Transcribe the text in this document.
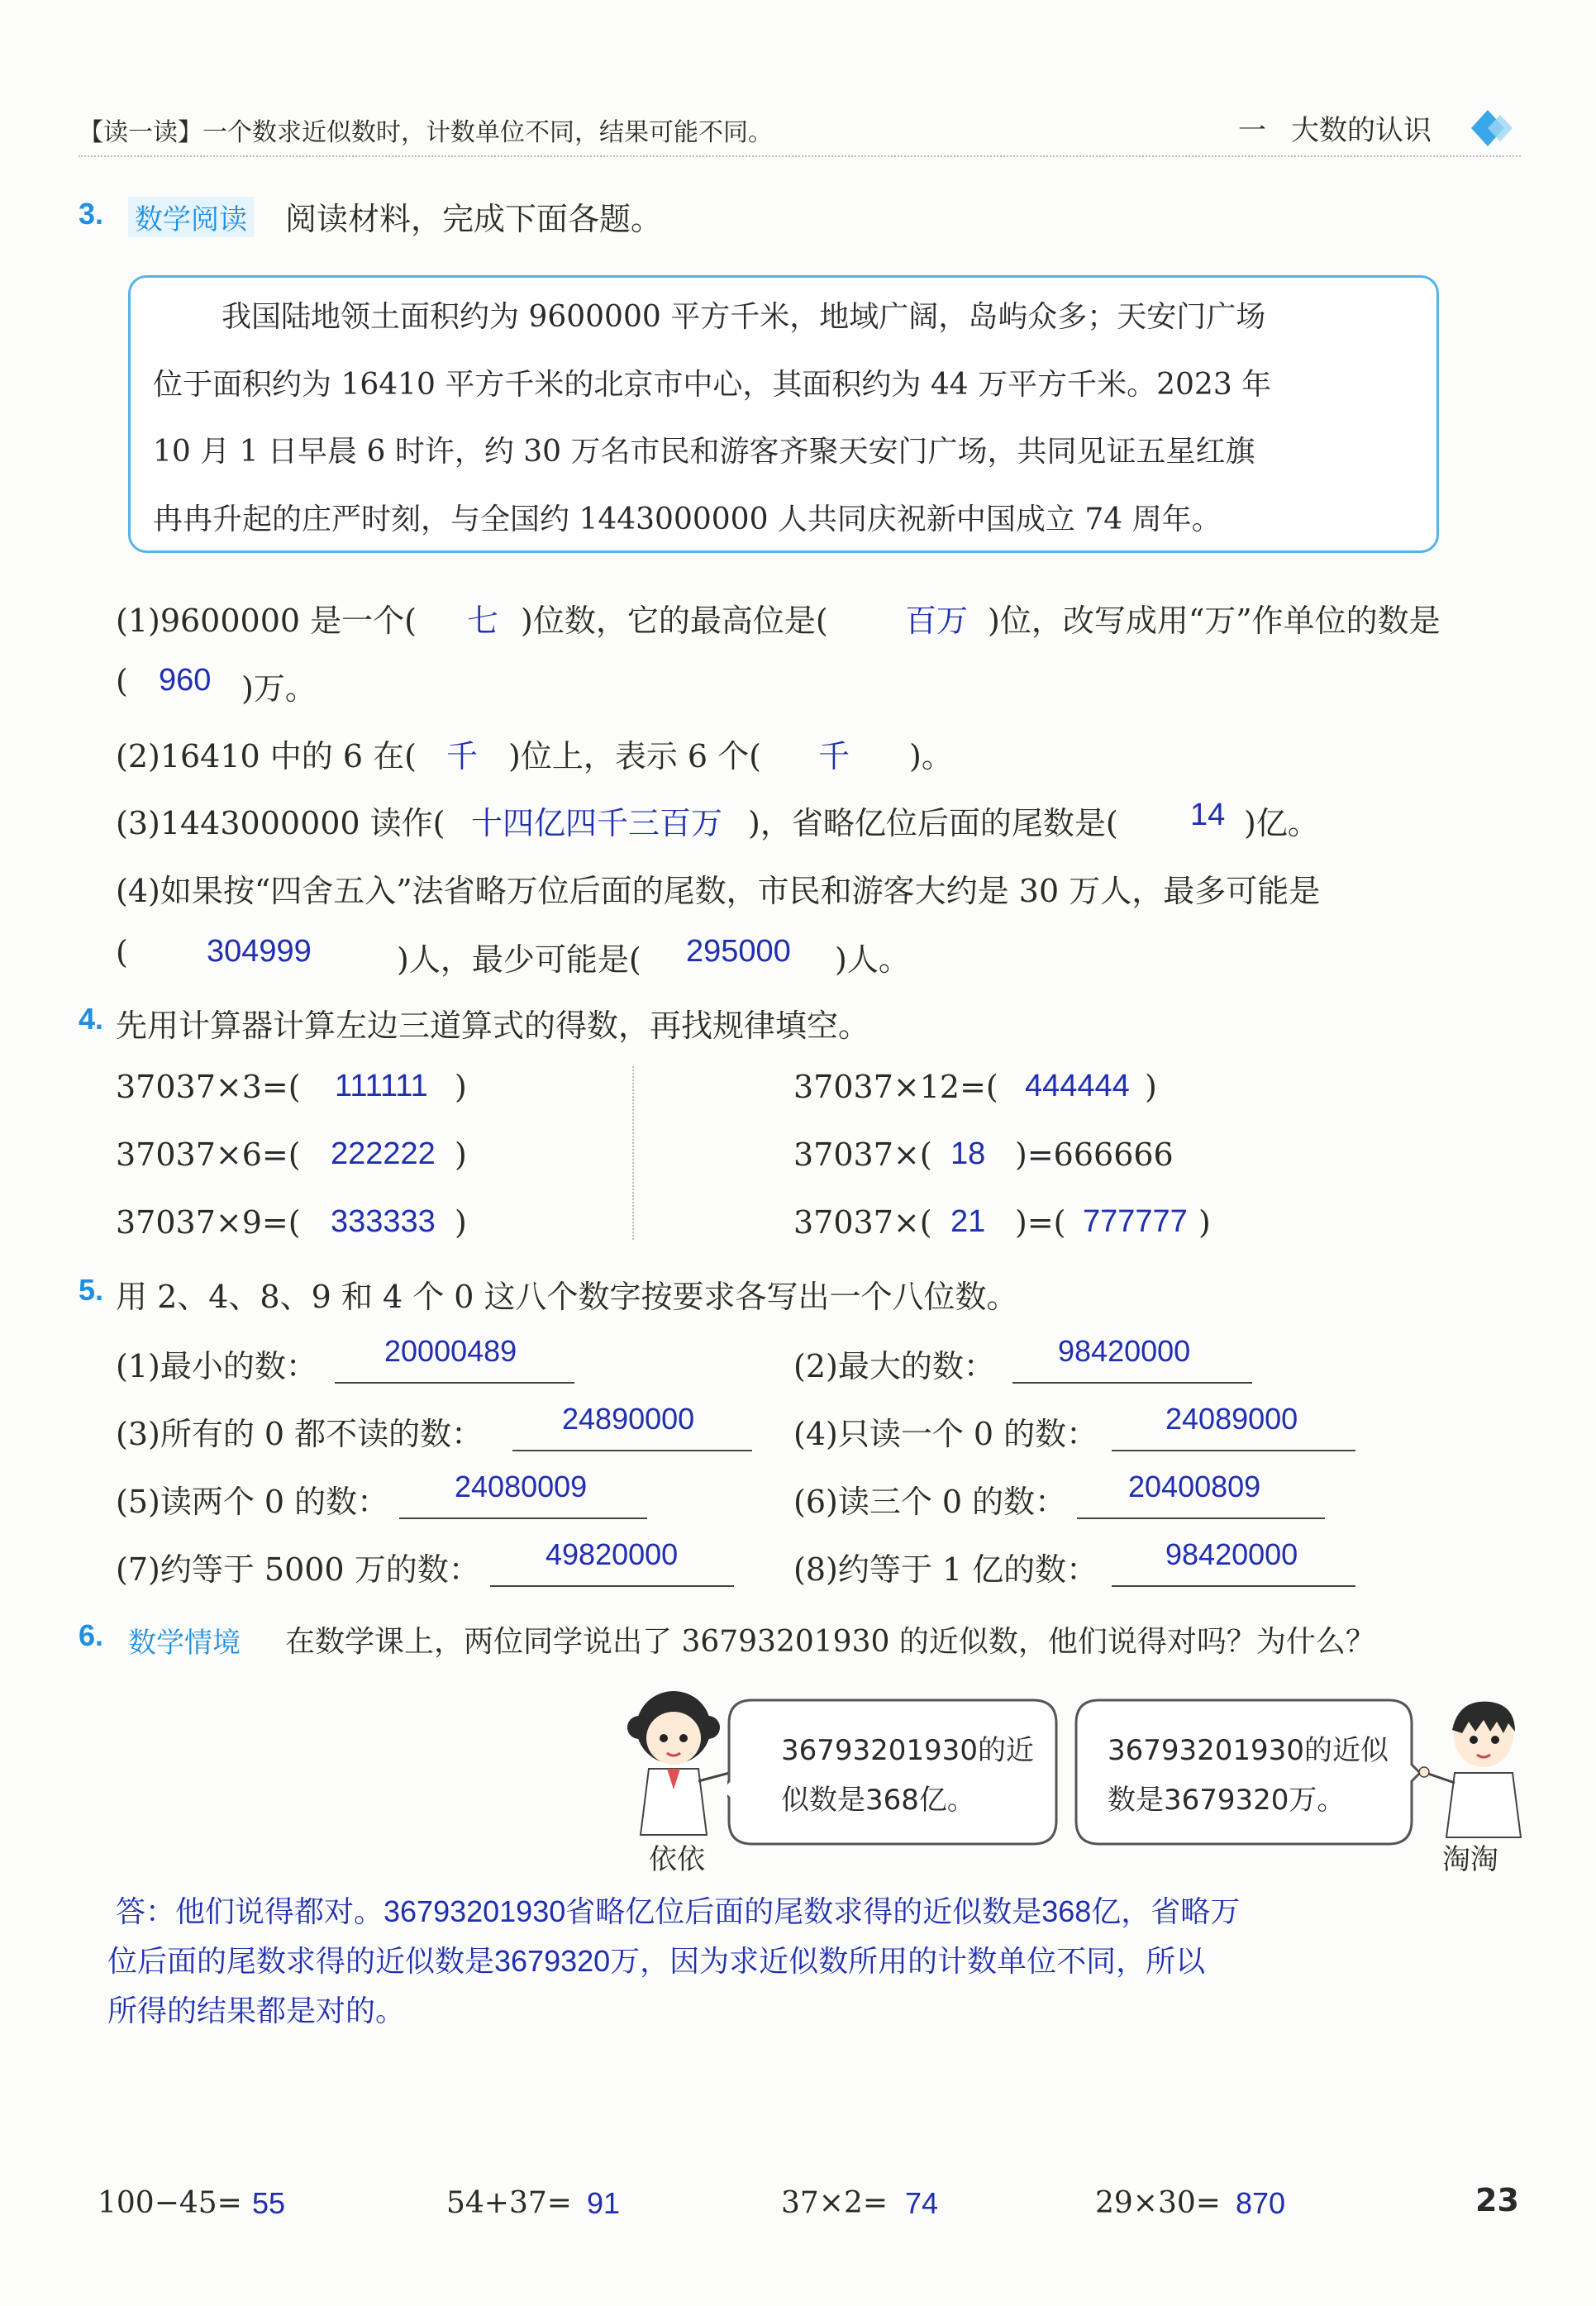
【读一读】一个数求近似数时，计数单位不同，结果可能不同。	一 大数的认识
3. 数学阅读 阅读材料，完成下面各题。
我国陆地领土面积约为 9600000 平方千米，地域广阔，岛屿众多；天安门广场
位于面积约为 16410 平方千米的北京市中心，其面积约为 44 万平方千米。2023 年
10 月 1 日早晨 6 时许，约 30 万名市民和游客齐聚天安门广场，共同见证五星红旗
冉冉升起的庄严时刻，与全国约 1443000000 人共同庆祝新中国成立 74 周年。
(1)9600000 是一个( 七 )位数，它的最高位是( 百万 )位，改写成用“万”作单位的数是
( 960 )万。
(2)16410 中的 6 在( 千 )位上，表示 6 个( 千 )。
(3)1443000000 读作( 十四亿四千三百万 )，省略亿位后面的尾数是( 14 )亿。
(4)如果按“四舍五入”法省略万位后面的尾数，市民和游客大约是 30 万人，最多可能是
(	304999	)人，最少可能是( 295000 )人。
4. 先用计算器计算左边三道算式的得数，再找规律填空。
37037×3=( 111111 )
37037×6=( 222222 )
37037×9=( 333333 )
37037×12=( 444444 )
37037×( 18 )=666666
37037×( 21 )=( 777777 )
5. 用 2、4、8、9 和 4 个 0 这八个数字按要求各写出一个八位数。
(1)最小的数： 20000489	(2)最大的数： 98420000
(3)所有的 0 都不读的数：	24890000	(4)只读一个 0 的数： 24089000
(5)读两个 0 的数： 24080009	(6)读三个 0 的数： 20400809
(7)约等于 5000 万的数： 49820000	(8)约等于 1 亿的数： 98420000
6. 数学情境 在数学课上，两位同学说出了 36793201930 的近似数，他们说得对吗？为什么？
依依
36793201930的近
似数是368亿。
36793201930的近似
数是3679320万。
淘淘
答：他们说得都对。36793201930省略亿位后面的尾数求得的近似数是368亿，省略万
位后面的尾数求得的近似数是3679320万，因为求近似数所用的计数单位不同，所以
所得的结果都是对的。
100−45= 55	54+37= 91	37×2= 74	29×30= 870	23
